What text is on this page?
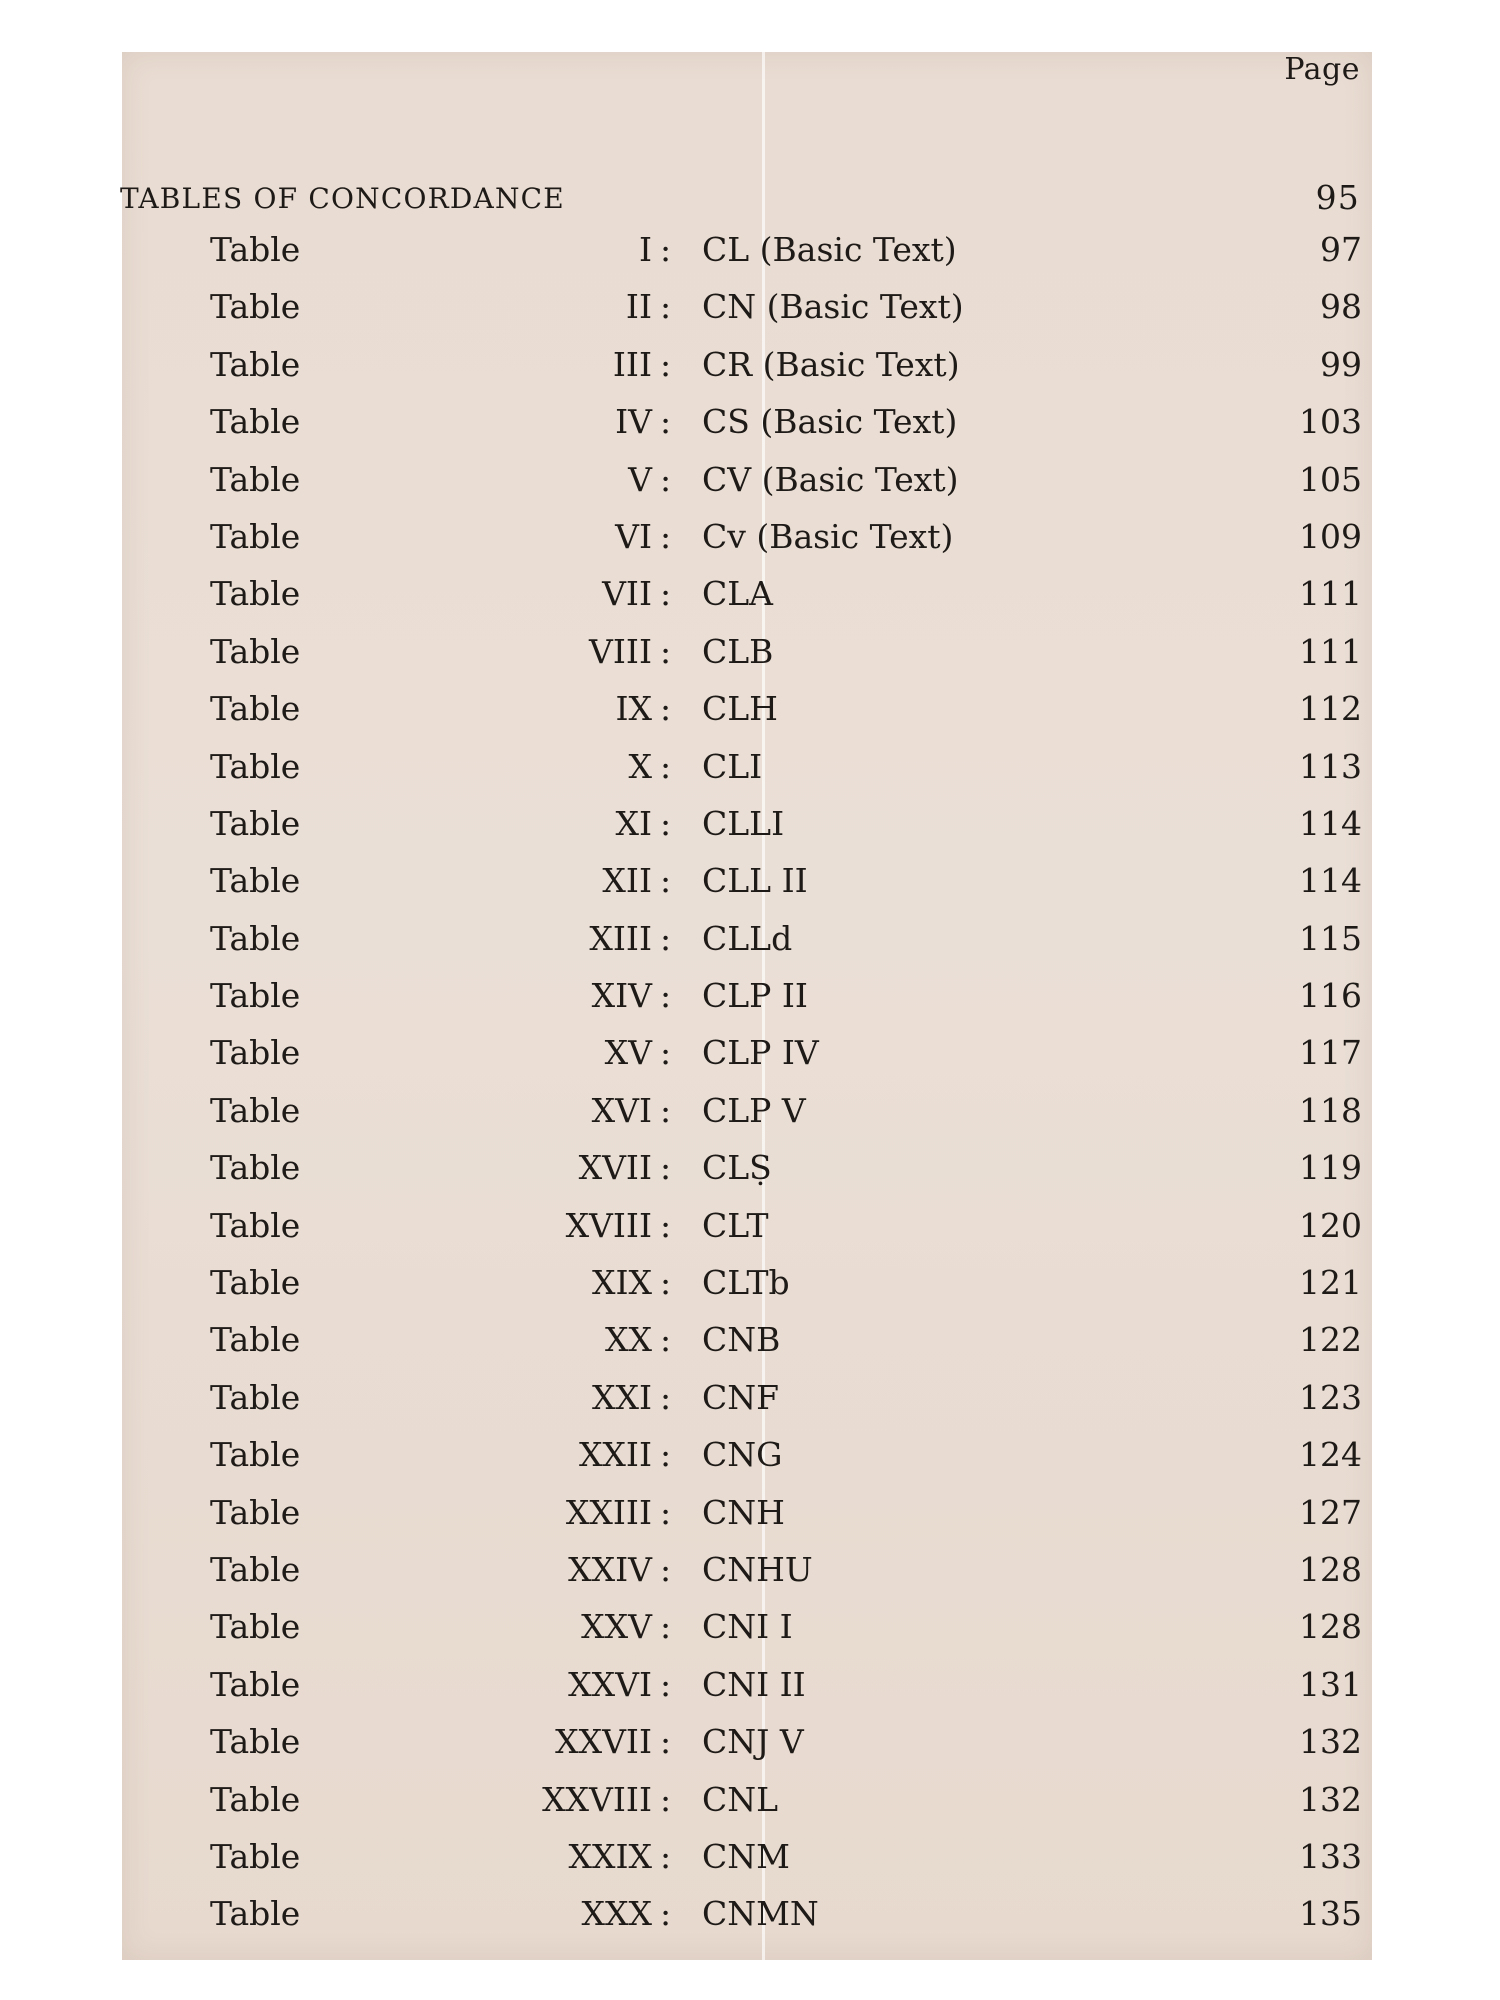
Page
TABLES OF CONCORDANCE	95
Table	I : CL (Basic Text)	97
Table	II : CN (Basic Text)	98
Table	III : CR (Basic Text)	99
Table	IV : CS (Basic Text)	103
Table	V : CV (Basic Text)	105
Table	VI : Cv (Basic Text)	109
Table	VII : CLA	111
Table	VIII : CLB	111
Table	IX : CLH	112
Table	X : CLI	113
Table	XI : CLLI	114
Table	XII : CLL II	114
Table	XIII : CLLd	115
Table	XIV : CLP II	116
Table	XV : CLP IV	117
Table	XVI : CLP V	118
Table	XVII : CLṢ	119
Table	XVIII : CLT	120
Table	XIX : CLTb	121
Table	XX : CNB	122
Table	XXI : CNF	123
Table	XXII : CNG	124
Table	XXIII : CNH	127
Table	XXIV : CNHU	128
Table	XXV : CNI I	128
Table	XXVI : CNI II	131
Table	XXVII : CNJ V	132
Table	XXVIII : CNL	132
Table	XXIX : CNM	133
Table	XXX : CNMN	135
